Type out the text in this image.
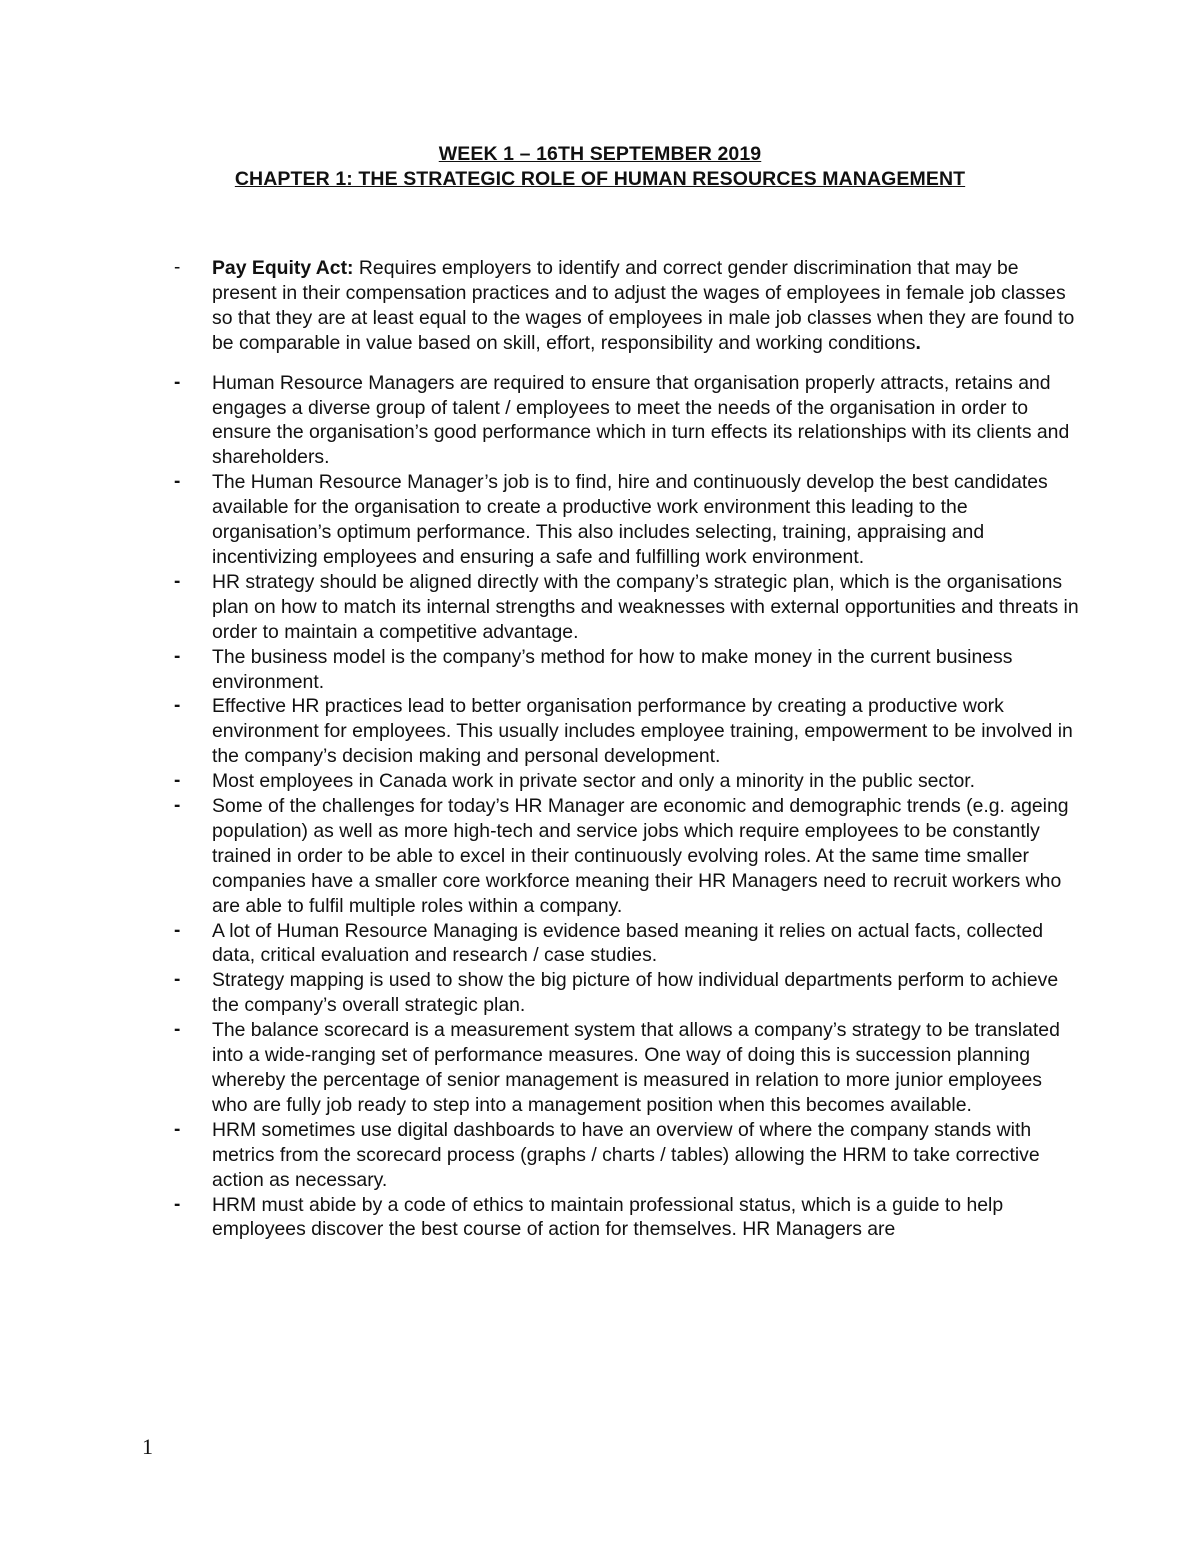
WEEK 1 – 16TH SEPTEMBER 2019
CHAPTER 1: THE STRATEGIC ROLE OF HUMAN RESOURCES MANAGEMENT
- Pay Equity Act: Requires employers to identify and correct gender discrimination that may be present in their compensation practices and to adjust the wages of employees in female job classes so that they are at least equal to the wages of employees in male job classes when they are found to be comparable in value based on skill, effort, responsibility and working conditions.
- Human Resource Managers are required to ensure that organisation properly attracts, retains and engages a diverse group of talent / employees to meet the needs of the organisation in order to ensure the organisation’s good performance which in turn effects its relationships with its clients and shareholders.
- The Human Resource Manager’s job is to find, hire and continuously develop the best candidates available for the organisation to create a productive work environment this leading to the organisation’s optimum performance. This also includes selecting, training, appraising and incentivizing employees and ensuring a safe and fulfilling work environment.
- HR strategy should be aligned directly with the company’s strategic plan, which is the organisations plan on how to match its internal strengths and weaknesses with external opportunities and threats in order to maintain a competitive advantage.
- The business model is the company’s method for how to make money in the current business environment.
- Effective HR practices lead to better organisation performance by creating a productive work environment for employees. This usually includes employee training, empowerment to be involved in the company’s decision making and personal development.
- Most employees in Canada work in private sector and only a minority in the public sector.
- Some of the challenges for today’s HR Manager are economic and demographic trends (e.g. ageing population) as well as more high-tech and service jobs which require employees to be constantly trained in order to be able to excel in their continuously evolving roles. At the same time smaller companies have a smaller core workforce meaning their HR Managers need to recruit workers who are able to fulfil multiple roles within a company.
- A lot of Human Resource Managing is evidence based meaning it relies on actual facts, collected data, critical evaluation and research / case studies.
- Strategy mapping is used to show the big picture of how individual departments perform to achieve the company’s overall strategic plan.
- The balance scorecard is a measurement system that allows a company’s strategy to be translated into a wide-ranging set of performance measures. One way of doing this is succession planning whereby the percentage of senior management is measured in relation to more junior employees who are fully job ready to step into a management position when this becomes available.
- HRM sometimes use digital dashboards to have an overview of where the company stands with metrics from the scorecard process (graphs / charts / tables) allowing the HRM to take corrective action as necessary.
- HRM must abide by a code of ethics to maintain professional status, which is a guide to help employees discover the best course of action for themselves. HR Managers are
1
